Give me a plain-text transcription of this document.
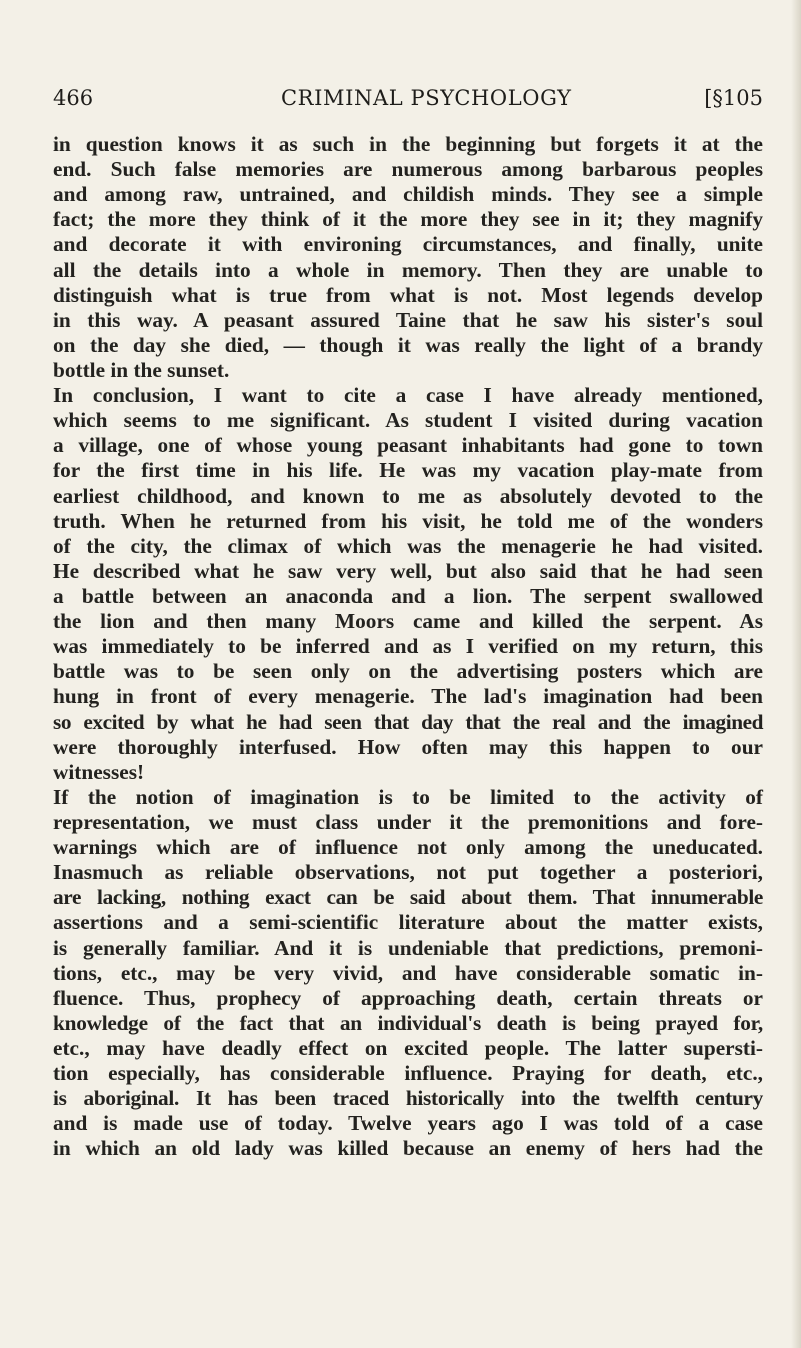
466	CRIMINAL PSYCHOLOGY	[§105
in question knows it as such in the beginning but forgets it at the
end. Such false memories are numerous among barbarous peoples
and among raw, untrained, and childish minds. They see a simple
fact; the more they think of it the more they see in it; they magnify
and decorate it with environing circumstances, and finally, unite
all the details into a whole in memory. Then they are unable to
distinguish what is true from what is not. Most legends develop
in this way. A peasant assured Taine that he saw his sister's soul
on the day she died, — though it was really the light of a brandy
bottle in the sunset.
In conclusion, I want to cite a case I have already mentioned,
which seems to me significant. As student I visited during vacation
a village, one of whose young peasant inhabitants had gone to town
for the first time in his life. He was my vacation play-mate from
earliest childhood, and known to me as absolutely devoted to the
truth. When he returned from his visit, he told me of the wonders
of the city, the climax of which was the menagerie he had visited.
He described what he saw very well, but also said that he had seen
a battle between an anaconda and a lion. The serpent swallowed
the lion and then many Moors came and killed the serpent. As
was immediately to be inferred and as I verified on my return, this
battle was to be seen only on the advertising posters which are
hung in front of every menagerie. The lad's imagination had been
so excited by what he had seen that day that the real and the imagined
were thoroughly interfused. How often may this happen to our
witnesses!
If the notion of imagination is to be limited to the activity of
representation, we must class under it the premonitions and fore-
warnings which are of influence not only among the uneducated.
Inasmuch as reliable observations, not put together a posteriori,
are lacking, nothing exact can be said about them. That innumerable
assertions and a semi-scientific literature about the matter exists,
is generally familiar. And it is undeniable that predictions, premoni-
tions, etc., may be very vivid, and have considerable somatic in-
fluence. Thus, prophecy of approaching death, certain threats or
knowledge of the fact that an individual's death is being prayed for,
etc., may have deadly effect on excited people. The latter supersti-
tion especially, has considerable influence. Praying for death, etc.,
is aboriginal. It has been traced historically into the twelfth century
and is made use of today. Twelve years ago I was told of a case
in which an old lady was killed because an enemy of hers had the
